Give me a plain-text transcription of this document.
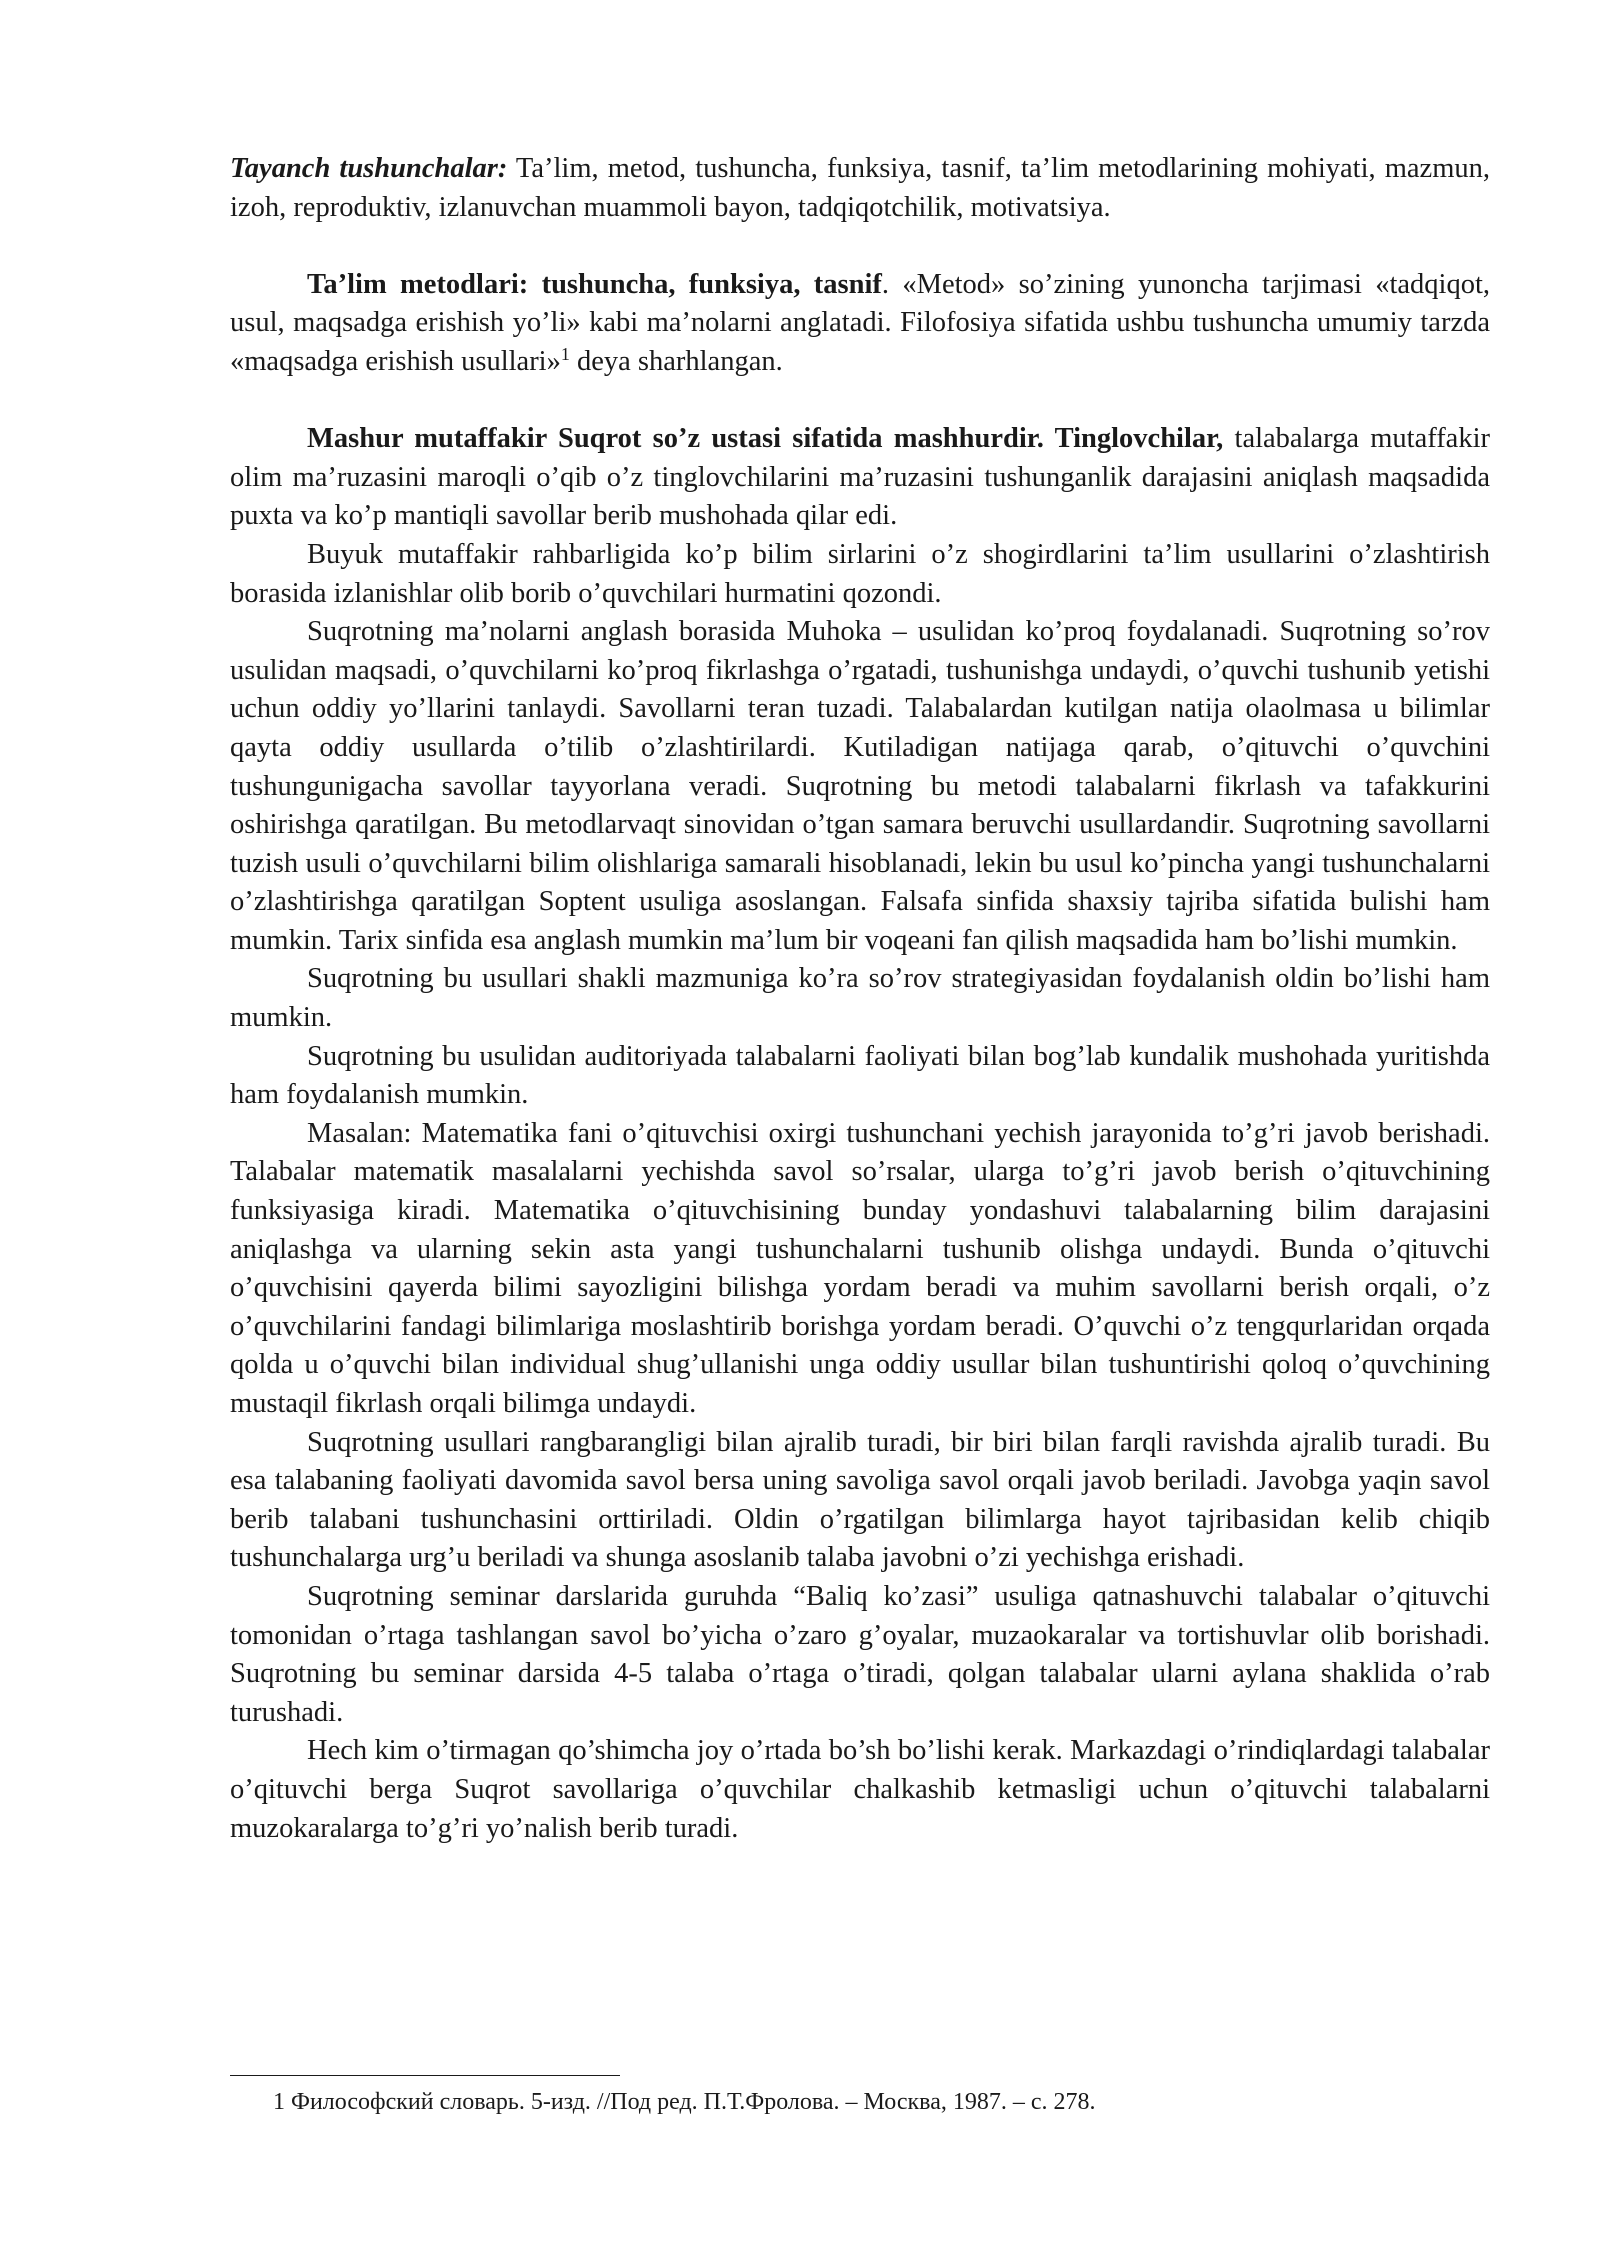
Tayanch tushunchalar: Ta’lim, metod, tushuncha, funksiya, tasnif, ta’lim metodlarining mohiyati, mazmun, izoh, reproduktiv, izlanuvchan muammoli bayon, tadqiqotchilik, motivatsiya.

Ta’lim metodlari: tushuncha, funksiya, tasnif. «Metod» so’zining yunoncha tarjimasi «tadqiqot, usul, maqsadga erishish yo’li» kabi ma’nolarni anglatadi. Filofosiya sifatida ushbu tushuncha umumiy tarzda «maqsadga erishish usullari»$^1$ deya sharhlangan.

Mashur mutaffakir Suqrot so’z ustasi sifatida mashhurdir. Tinglovchilar, talabalarga mutaffakir olim ma’ruzasini maroqli o’qib o’z tinglovchilarini ma’ruzasini tushunganlik darajasini aniqlash maqsadida puxta va ko’p mantiqli savollar berib mushohada qilar edi.

Buyuk mutaffakir rahbarligida ko’p bilim sirlarini o’z shogirdlarini ta’lim usullarini o’zlashtirish borasida izlanishlar olib borib o’quvchilari hurmatini qozondi.

Suqrotning ma’nolarni anglash borasida Muhoka – usulidan ko’proq foydalanadi. Suqrotning so’rov usulidan maqsadi, o’quvchilarni ko’proq fikrlashga o’rgatadi, tushunishga undaydi, o’quvchi tushunib yetishi uchun oddiy yo’llarini tanlaydi. Savollarni teran tuzadi. Talabalardan kutilgan natija olaolmasa u bilimlar qayta oddiy usullarda o’tilib o’zlashtirilardi. Kutiladigan natijaga qarab, o’qituvchi o’quvchini tushungunigacha savollar tayyorlana veradi. Suqrotning bu metodi talabalarni fikrlash va tafakkurini oshirishga qaratilgan. Bu metodlarvaqt sinovidan o’tgan samara beruvchi usullardandir. Suqrotning savollarni tuzish usuli o’quvchilarni bilim olishlariga samarali hisoblanadi, lekin bu usul ko’pincha yangi tushunchalarni o’zlashtirishga qaratilgan Soptent usuliga asoslangan. Falsafa sinfida shaxsiy tajriba sifatida bulishi ham mumkin. Tarix sinfida esa anglash mumkin ma’lum bir voqeani fan qilish maqsadida ham bo’lishi mumkin.

Suqrotning bu usullari shakli mazmuniga ko’ra so’rov strategiyasidan foydalanish oldin bo’lishi ham mumkin.

Suqrotning bu usulidan auditoriyada talabalarni faoliyati bilan bog’lab kundalik mushohada yuritishda ham foydalanish mumkin.

Masalan: Matematika fani o’qituvchisi oxirgi tushunchani yechish jarayonida to’g’ri javob berishadi. Talabalar matematik masalalarni yechishda savol so’rsalar, ularga to’g’ri javob berish o’qituvchining funksiyasiga kiradi. Matematika o’qituvchisining bunday yondashuvi talabalarning bilim darajasini aniqlashga va ularning sekin asta yangi tushunchalarni tushunib olishga undaydi. Bunda o’qituvchi o’quvchisini qayerda bilimi sayozligini bilishga yordam beradi va muhim savollarni berish orqali, o’z o’quvchilarini fandagi bilimlariga moslashtirib borishga yordam beradi. O’quvchi o’z tengqurlaridan orqada qolda u o’quvchi bilan individual shug’ullanishi unga oddiy usullar bilan tushuntirishi qoloq o’quvchining mustaqil fikrlash orqali bilimga undaydi.

Suqrotning usullari rangbarangligi bilan ajralib turadi, bir biri bilan farqli ravishda ajralib turadi. Bu esa talabaning faoliyati davomida savol bersa uning savoliga savol orqali javob beriladi. Javobga yaqin savol berib talabani tushunchasini orttiriladi. Oldin o’rgatilgan bilimlarga hayot tajribasidan kelib chiqib tushunchalarga urg’u beriladi va shunga asoslanib talaba javobni o’zi yechishga erishadi.

Suqrotning seminar darslarida guruhda “Baliq ko’zasi” usuliga qatnashuvchi talabalar o’qituvchi tomonidan o’rtaga tashlangan savol bo’yicha o’zaro g’oyalar, muzaokaralar va tortishuvlar olib borishadi. Suqrotning bu seminar darsida 4-5 talaba o’rtaga o’tiradi, qolgan talabalar ularni aylana shaklida o’rab turushadi.

Hech kim o’tirmagan qo’shimcha joy o’rtada bo’sh bo’lishi kerak. Markazdagi o’rindiqlardagi talabalar o’qituvchi berga Suqrot savollariga o’quvchilar chalkashib ketmasligi uchun o’qituvchi talabalarni muzokaralarga to’g’ri yo’nalish berib turadi.

1 Философский словарь. 5-изд. //Под ред. П.Т.Фролова. – Москва, 1987. – с. 278.
